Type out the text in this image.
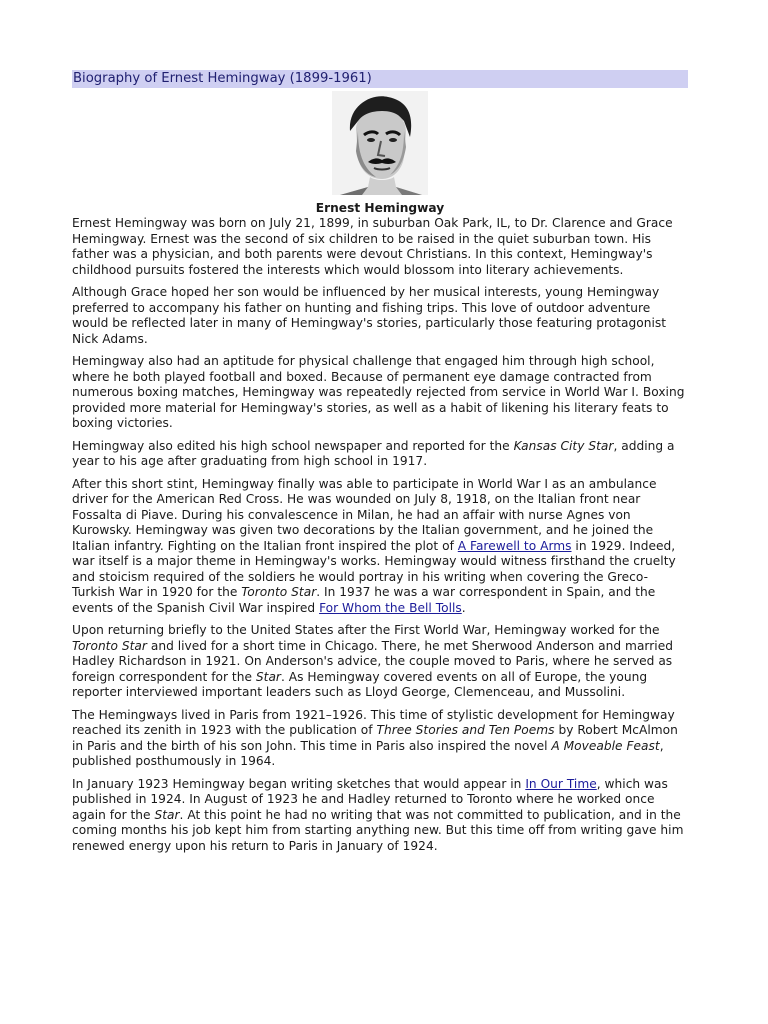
Biography of Ernest Hemingway (1899-1961)
Ernest Hemingway

Ernest Hemingway was born on July 21, 1899, in suburban Oak Park, IL, to Dr. Clarence and Grace Hemingway. Ernest was the second of six children to be raised in the quiet suburban town. His father was a physician, and both parents were devout Christians. In this context, Hemingway's childhood pursuits fostered the interests which would blossom into literary achievements.

Although Grace hoped her son would be influenced by her musical interests, young Hemingway preferred to accompany his father on hunting and fishing trips. This love of outdoor adventure would be reflected later in many of Hemingway's stories, particularly those featuring protagonist Nick Adams.

Hemingway also had an aptitude for physical challenge that engaged him through high school, where he both played football and boxed. Because of permanent eye damage contracted from numerous boxing matches, Hemingway was repeatedly rejected from service in World War I. Boxing provided more material for Hemingway's stories, as well as a habit of likening his literary feats to boxing victories.

Hemingway also edited his high school newspaper and reported for the Kansas City Star, adding a year to his age after graduating from high school in 1917.

After this short stint, Hemingway finally was able to participate in World War I as an ambulance driver for the American Red Cross. He was wounded on July 8, 1918, on the Italian front near Fossalta di Piave. During his convalescence in Milan, he had an affair with nurse Agnes von Kurowsky. Hemingway was given two decorations by the Italian government, and he joined the Italian infantry. Fighting on the Italian front inspired the plot of A Farewell to Arms in 1929. Indeed, war itself is a major theme in Hemingway's works. Hemingway would witness firsthand the cruelty and stoicism required of the soldiers he would portray in his writing when covering the Greco-Turkish War in 1920 for the Toronto Star. In 1937 he was a war correspondent in Spain, and the events of the Spanish Civil War inspired For Whom the Bell Tolls.

Upon returning briefly to the United States after the First World War, Hemingway worked for the Toronto Star and lived for a short time in Chicago. There, he met Sherwood Anderson and married Hadley Richardson in 1921. On Anderson's advice, the couple moved to Paris, where he served as foreign correspondent for the Star. As Hemingway covered events on all of Europe, the young reporter interviewed important leaders such as Lloyd George, Clemenceau, and Mussolini.

The Hemingways lived in Paris from 1921–1926. This time of stylistic development for Hemingway reached its zenith in 1923 with the publication of Three Stories and Ten Poems by Robert McAlmon in Paris and the birth of his son John. This time in Paris also inspired the novel A Moveable Feast, published posthumously in 1964.

In January 1923 Hemingway began writing sketches that would appear in In Our Time, which was published in 1924. In August of 1923 he and Hadley returned to Toronto where he worked once again for the Star. At this point he had no writing that was not committed to publication, and in the coming months his job kept him from starting anything new. But this time off from writing gave him renewed energy upon his return to Paris in January of 1924.
